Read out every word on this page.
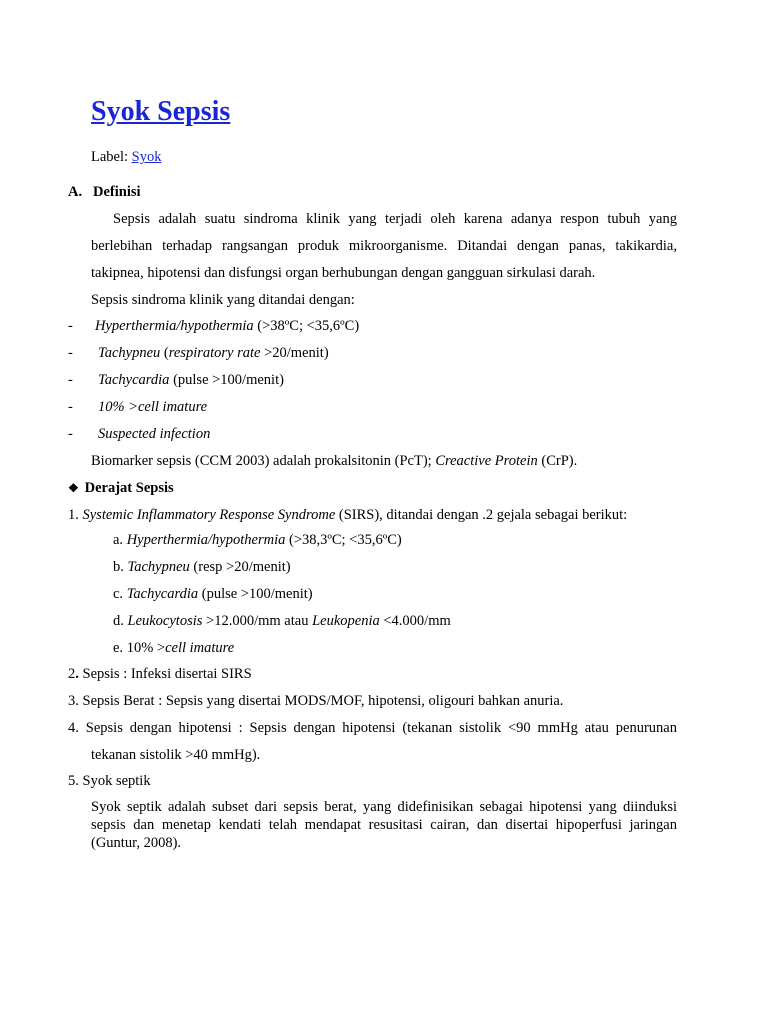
Syok Sepsis
Label: Syok
A. Definisi
Sepsis adalah suatu sindroma klinik yang terjadi oleh karena adanya respon tubuh yang
berlebihan terhadap rangsangan produk mikroorganisme. Ditandai dengan panas, takikardia,
takipnea, hipotensi dan disfungsi organ berhubungan dengan gangguan sirkulasi darah.
Sepsis sindroma klinik yang ditandai dengan:
- Hyperthermia/hypothermia (>38ºC; <35,6ºC)
- Tachypneu (respiratory rate >20/menit)
- Tachycardia (pulse >100/menit)
- 10% >cell imature
- Suspected infection
Biomarker sepsis (CCM 2003) adalah prokalsitonin (PcT); Creactive Protein (CrP).
❖ Derajat Sepsis
1. Systemic Inflammatory Response Syndrome (SIRS), ditandai dengan .2 gejala sebagai berikut:
a. Hyperthermia/hypothermia (>38,3ºC; <35,6ºC)
b. Tachypneu (resp >20/menit)
c. Tachycardia (pulse >100/menit)
d. Leukocytosis >12.000/mm atau Leukopenia <4.000/mm
e. 10% >cell imature
2. Sepsis : Infeksi disertai SIRS
3. Sepsis Berat : Sepsis yang disertai MODS/MOF, hipotensi, oligouri bahkan anuria.
4. Sepsis dengan hipotensi : Sepsis dengan hipotensi (tekanan sistolik <90 mmHg atau penurunan
tekanan sistolik >40 mmHg).
5. Syok septik
Syok septik adalah subset dari sepsis berat, yang didefinisikan sebagai hipotensi yang diinduksi
sepsis dan menetap kendati telah mendapat resusitasi cairan, dan disertai hipoperfusi jaringan
(Guntur, 2008).
